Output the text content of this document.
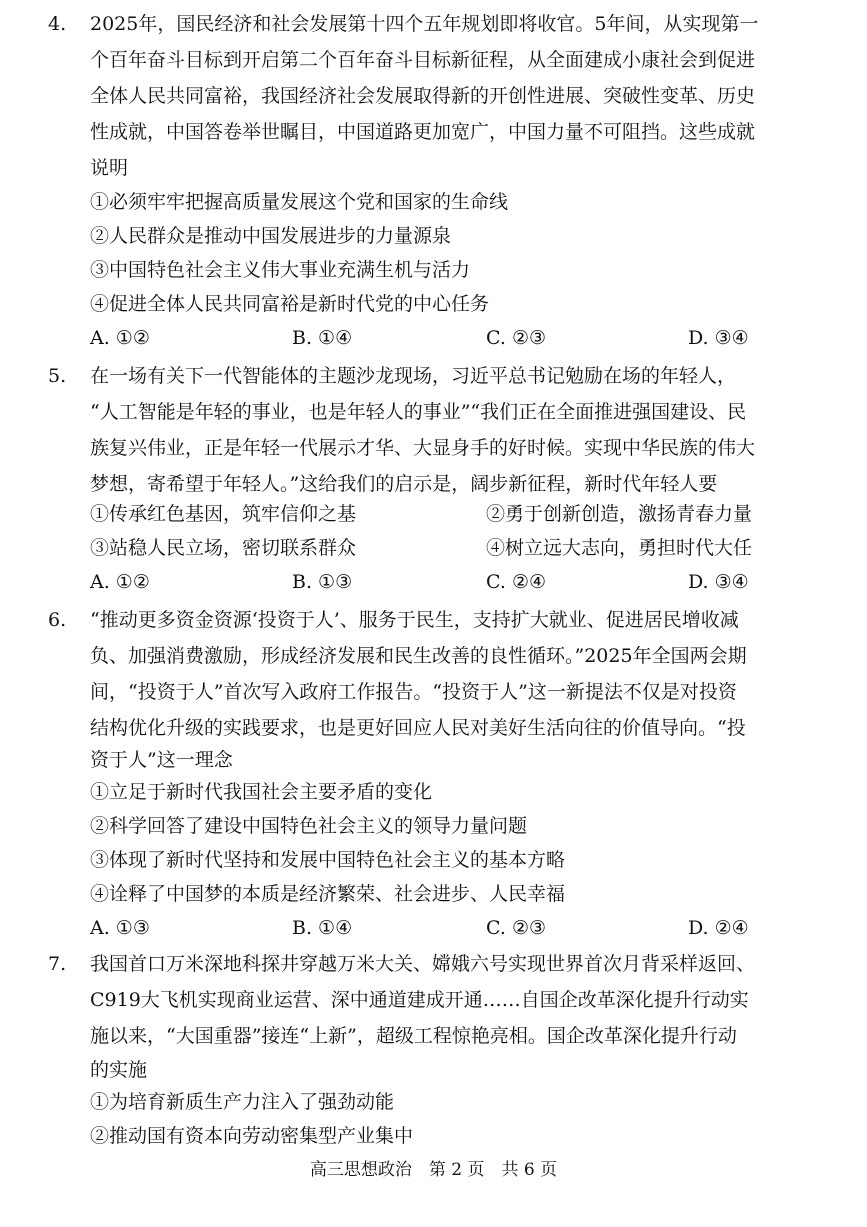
4.	2025年，国民经济和社会发展第十四个五年规划即将收官。5年间，从实现第一
个百年奋斗目标到开启第二个百年奋斗目标新征程，从全面建成小康社会到促进
全体人民共同富裕，我国经济社会发展取得新的开创性进展、突破性变革、历史
性成就，中国答卷举世瞩目，中国道路更加宽广，中国力量不可阻挡。这些成就
说明
①必须牢牢把握高质量发展这个党和国家的生命线
②人民群众是推动中国发展进步的力量源泉
③中国特色社会主义伟大事业充满生机与活力
④促进全体人民共同富裕是新时代党的中心任务
A. ①②	B. ①④	C. ②③	D. ③④
5.	在一场有关下一代智能体的主题沙龙现场，习近平总书记勉励在场的年轻人，
“人工智能是年轻的事业，也是年轻人的事业”“我们正在全面推进强国建设、民
族复兴伟业，正是年轻一代展示才华、大显身手的好时候。实现中华民族的伟大
梦想，寄希望于年轻人。”这给我们的启示是，阔步新征程，新时代年轻人要
①传承红色基因，筑牢信仰之基	②勇于创新创造，激扬青春力量
③站稳人民立场，密切联系群众	④树立远大志向，勇担时代大任
A. ①②	B. ①③	C. ②④	D. ③④
6.	“推动更多资金资源‘投资于人’、服务于民生，支持扩大就业、促进居民增收减
负、加强消费激励，形成经济发展和民生改善的良性循环。”2025年全国两会期
间，“投资于人”首次写入政府工作报告。“投资于人”这一新提法不仅是对投资
结构优化升级的实践要求，也是更好回应人民对美好生活向往的价值导向。“投
资于人”这一理念
①立足于新时代我国社会主要矛盾的变化
②科学回答了建设中国特色社会主义的领导力量问题
③体现了新时代坚持和发展中国特色社会主义的基本方略
④诠释了中国梦的本质是经济繁荣、社会进步、人民幸福
A. ①③	B. ①④	C. ②③	D. ②④
7.	我国首口万米深地科探井穿越万米大关、嫦娥六号实现世界首次月背采样返回、
C919大飞机实现商业运营、深中通道建成开通……自国企改革深化提升行动实
施以来，“大国重器”接连“上新”，超级工程惊艳亮相。国企改革深化提升行动
的实施
①为培育新质生产力注入了强劲动能
②推动国有资本向劳动密集型产业集中
高三思想政治　第 2 页　共 6 页
